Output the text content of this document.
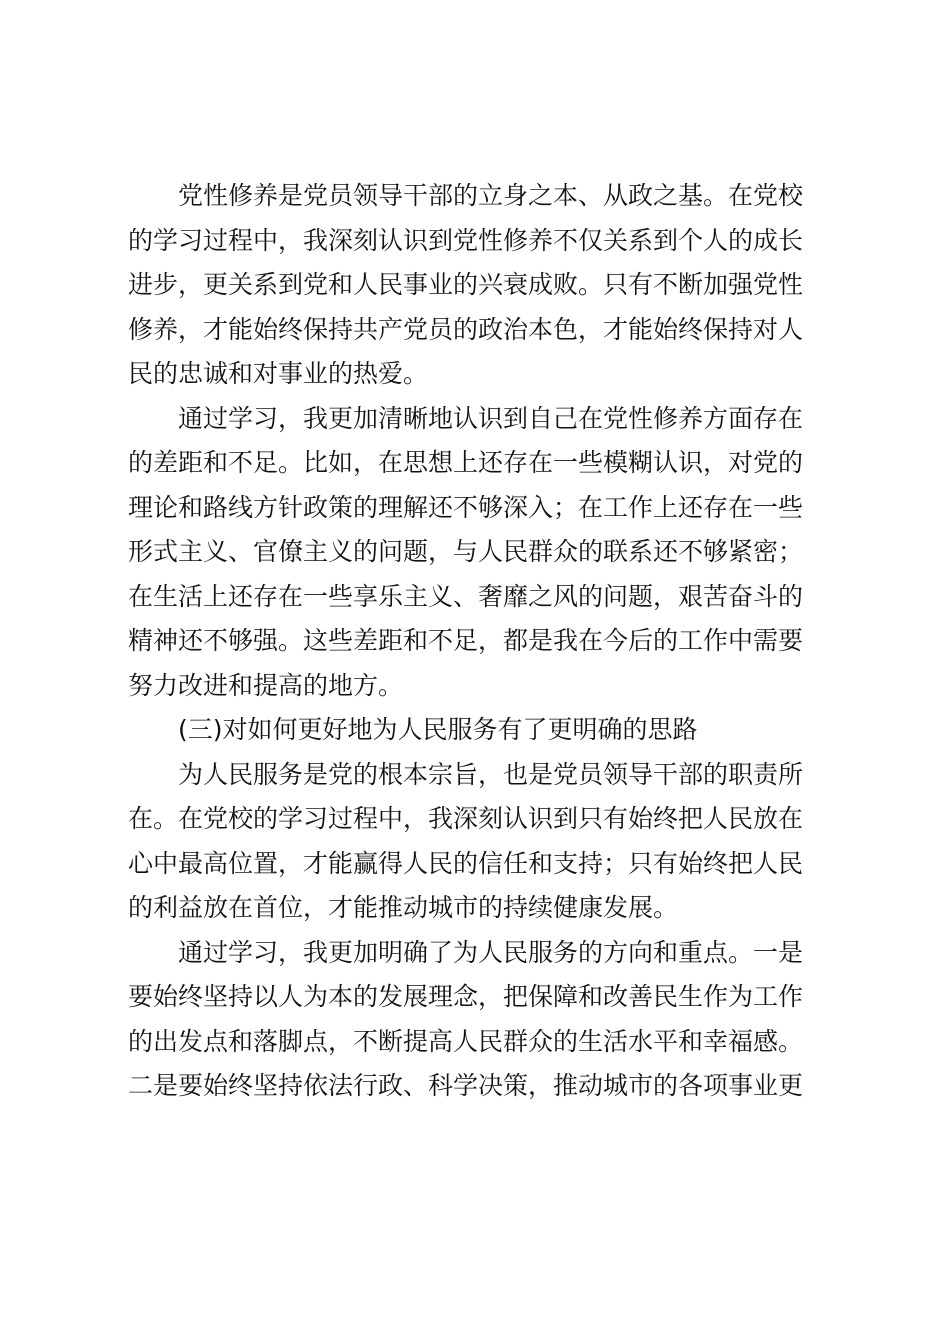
党性修养是党员领导干部的立身之本、从政之基。在党校
的学习过程中，我深刻认识到党性修养不仅关系到个人的成长
进步，更关系到党和人民事业的兴衰成败。只有不断加强党性
修养，才能始终保持共产党员的政治本色，才能始终保持对人
民的忠诚和对事业的热爱。

通过学习，我更加清晰地认识到自己在党性修养方面存在
的差距和不足。比如，在思想上还存在一些模糊认识，对党的
理论和路线方针政策的理解还不够深入；在工作上还存在一些
形式主义、官僚主义的问题，与人民群众的联系还不够紧密；
在生活上还存在一些享乐主义、奢靡之风的问题，艰苦奋斗的
精神还不够强。这些差距和不足，都是我在今后的工作中需要
努力改进和提高的地方。

(三)对如何更好地为人民服务有了更明确的思路

为人民服务是党的根本宗旨，也是党员领导干部的职责所
在。在党校的学习过程中，我深刻认识到只有始终把人民放在
心中最高位置，才能赢得人民的信任和支持；只有始终把人民
的利益放在首位，才能推动城市的持续健康发展。

通过学习，我更加明确了为人民服务的方向和重点。一是
要始终坚持以人为本的发展理念，把保障和改善民生作为工作
的出发点和落脚点，不断提高人民群众的生活水平和幸福感。
二是要始终坚持依法行政、科学决策，推动城市的各项事业更
